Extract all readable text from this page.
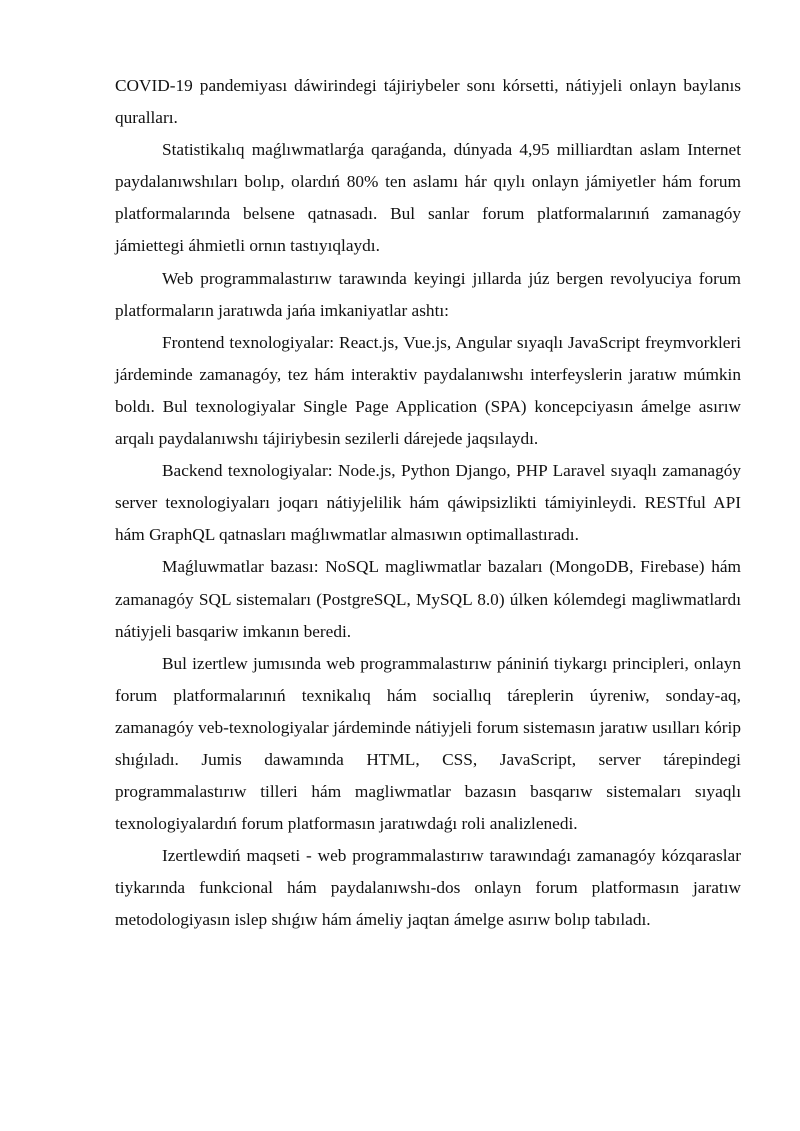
COVID-19 pandemiyası dáwirindegi tájiriybeler sonı kórsetti, nátiyjeli onlayn baylanıs quralları.

Statistikalıq maǵlıwmatlarǵa qaraǵanda, dúnyada 4,95 milliardtan aslam Internet paydalanıwshıları bolıp, olardıń 80% ten aslamı hár qıylı onlayn jámiyetler hám forum platformalarında belsene qatnasadı. Bul sanlar forum platformalarınıń zamanagóy jámiettegi áhmietli ornın tastıyıqlaydı.

Web programmalastırıw tarawında keyingi jıllarda júz bergen revolyuciya forum platformaların jaratıwda jańa imkaniyatlar ashtı:

Frontend texnologiyalar: React.js, Vue.js, Angular sıyaqlı JavaScript freymvorkleri járdeminde zamanagóy, tez hám interaktiv paydalanıwshı interfeyslerin jaratıw múmkin boldı. Bul texnologiyalar Single Page Application (SPA) koncepciyasın ámelge asırıw arqalı paydalanıwshı tájiriybesin sezilerli dárejede jaqsılaydı.

Backend texnologiyalar: Node.js, Python Django, PHP Laravel sıyaqlı zamanagóy server texnologiyaları joqarı nátiyjelilik hám qáwipsizlikti támiyinleydi. RESTful API hám GraphQL qatnasları maǵlıwmatlar almasıwın optimallastıradı.

Maǵluwmatlar bazası: NoSQL magliwmatlar bazaları (MongoDB, Firebase) hám zamanagóy SQL sistemaları (PostgreSQL, MySQL 8.0) úlken kólemdegi magliwmatlardı nátiyjeli basqariw imkanın beredi.

Bul izertlew jumısında web programmalastırıw pániniń tiykargı principleri, onlayn forum platformalarınıń texnikalıq hám sociallıq táreplerin úyreniw, sonday-aq, zamanagóy veb-texnologiyalar járdeminde nátiyjeli forum sistemasın jaratıw usılları kórip shıǵıladı. Jumis dawamında HTML, CSS, JavaScript, server tárepindegi programmalastırıw tilleri hám magliwmatlar bazasın basqarıw sistemaları sıyaqlı texnologiyalardıń forum platformasın jaratıwdaǵı roli analizlenedi.

Izertlewdiń maqseti - web programmalastırıw tarawındaǵı zamanagóy kózqaraslar tiykarında funkcional hám paydalanıwshı-dos onlayn forum platformasın jaratıw metodologiyasın islep shıǵıw hám ámeliy jaqtan ámelge asırıw bolıp tabıladı.
